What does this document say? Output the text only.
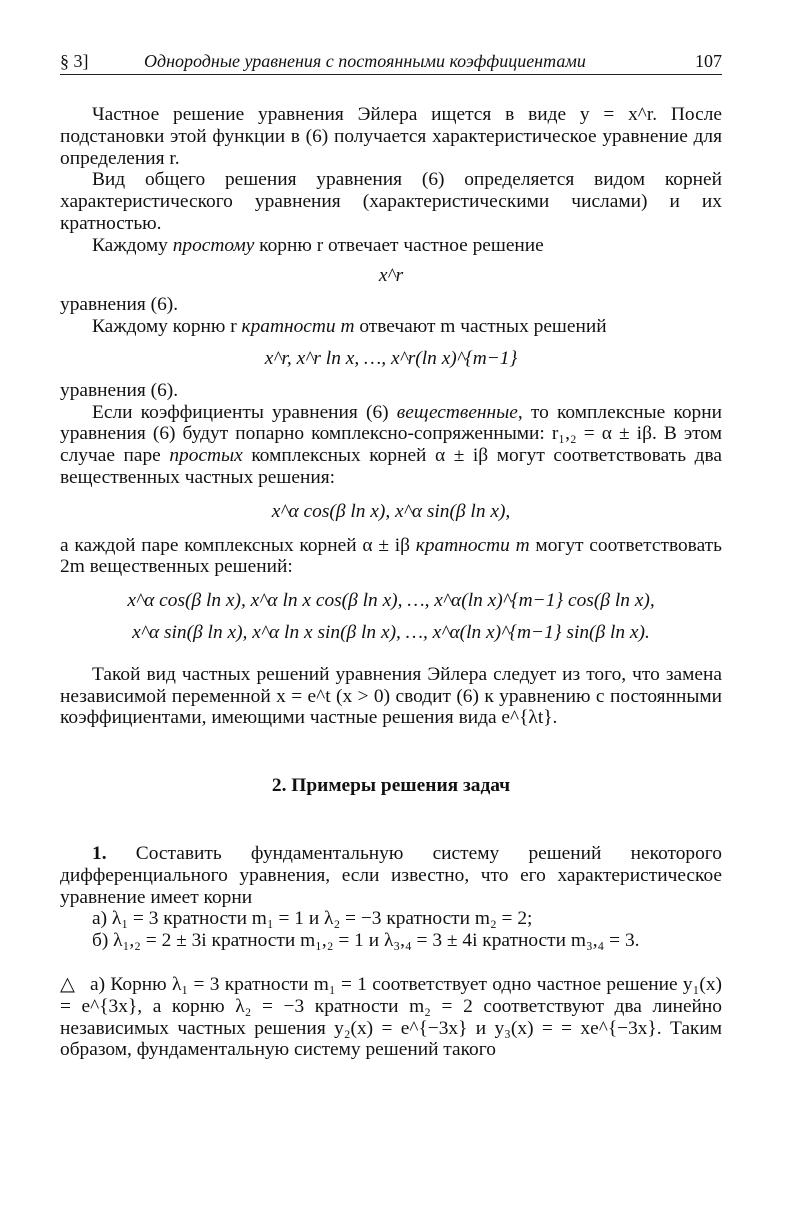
§ 3]	Однородные уравнения с постоянными коэффициентами	107

Частное решение уравнения Эйлера ищется в виде y = x^r. После подстановки этой функции в (6) получается характеристическое уравнение для определения r.

Вид общего решения уравнения (6) определяется видом корней характеристического уравнения (характеристическими числами) и их кратностью.

Каждому простому корню r отвечает частное решение

x^r

уравнения (6).

Каждому корню r кратности m отвечают m частных решений

x^r, x^r ln x, …, x^r(ln x)^{m−1}

уравнения (6).

Если коэффициенты уравнения (6) вещественные, то комплексные корни уравнения (6) будут попарно комплексно-сопряженными: r₁,₂ = α ± iβ. В этом случае паре простых комплексных корней α ± iβ могут соответствовать два вещественных частных решения:

x^α cos(β ln x), x^α sin(β ln x),

а каждой паре комплексных корней α ± iβ кратности m могут соответствовать 2m вещественных решений:

x^α cos(β ln x), x^α ln x cos(β ln x), …, x^α(ln x)^{m−1} cos(β ln x),

x^α sin(β ln x), x^α ln x sin(β ln x), …, x^α(ln x)^{m−1} sin(β ln x).

Такой вид частных решений уравнения Эйлера следует из того, что замена независимой переменной x = e^t (x > 0) сводит (6) к уравнению с постоянными коэффициентами, имеющими частные решения вида e^{λt}.

2. Примеры решения задач

1. Составить фундаментальную систему решений некоторого дифференциального уравнения, если известно, что его характеристическое уравнение имеет корни

а) λ₁ = 3 кратности m₁ = 1 и λ₂ = −3 кратности m₂ = 2;

б) λ₁,₂ = 2 ± 3i кратности m₁,₂ = 1 и λ₃,₄ = 3 ± 4i кратности m₃,₄ = 3.

△ а) Корню λ₁ = 3 кратности m₁ = 1 соответствует одно частное решение y₁(x) = e^{3x}, а корню λ₂ = −3 кратности m₂ = 2 соответствуют два линейно независимых частных решения y₂(x) = e^{−3x} и y₃(x) = = xe^{−3x}. Таким образом, фундаментальную систему решений такого
